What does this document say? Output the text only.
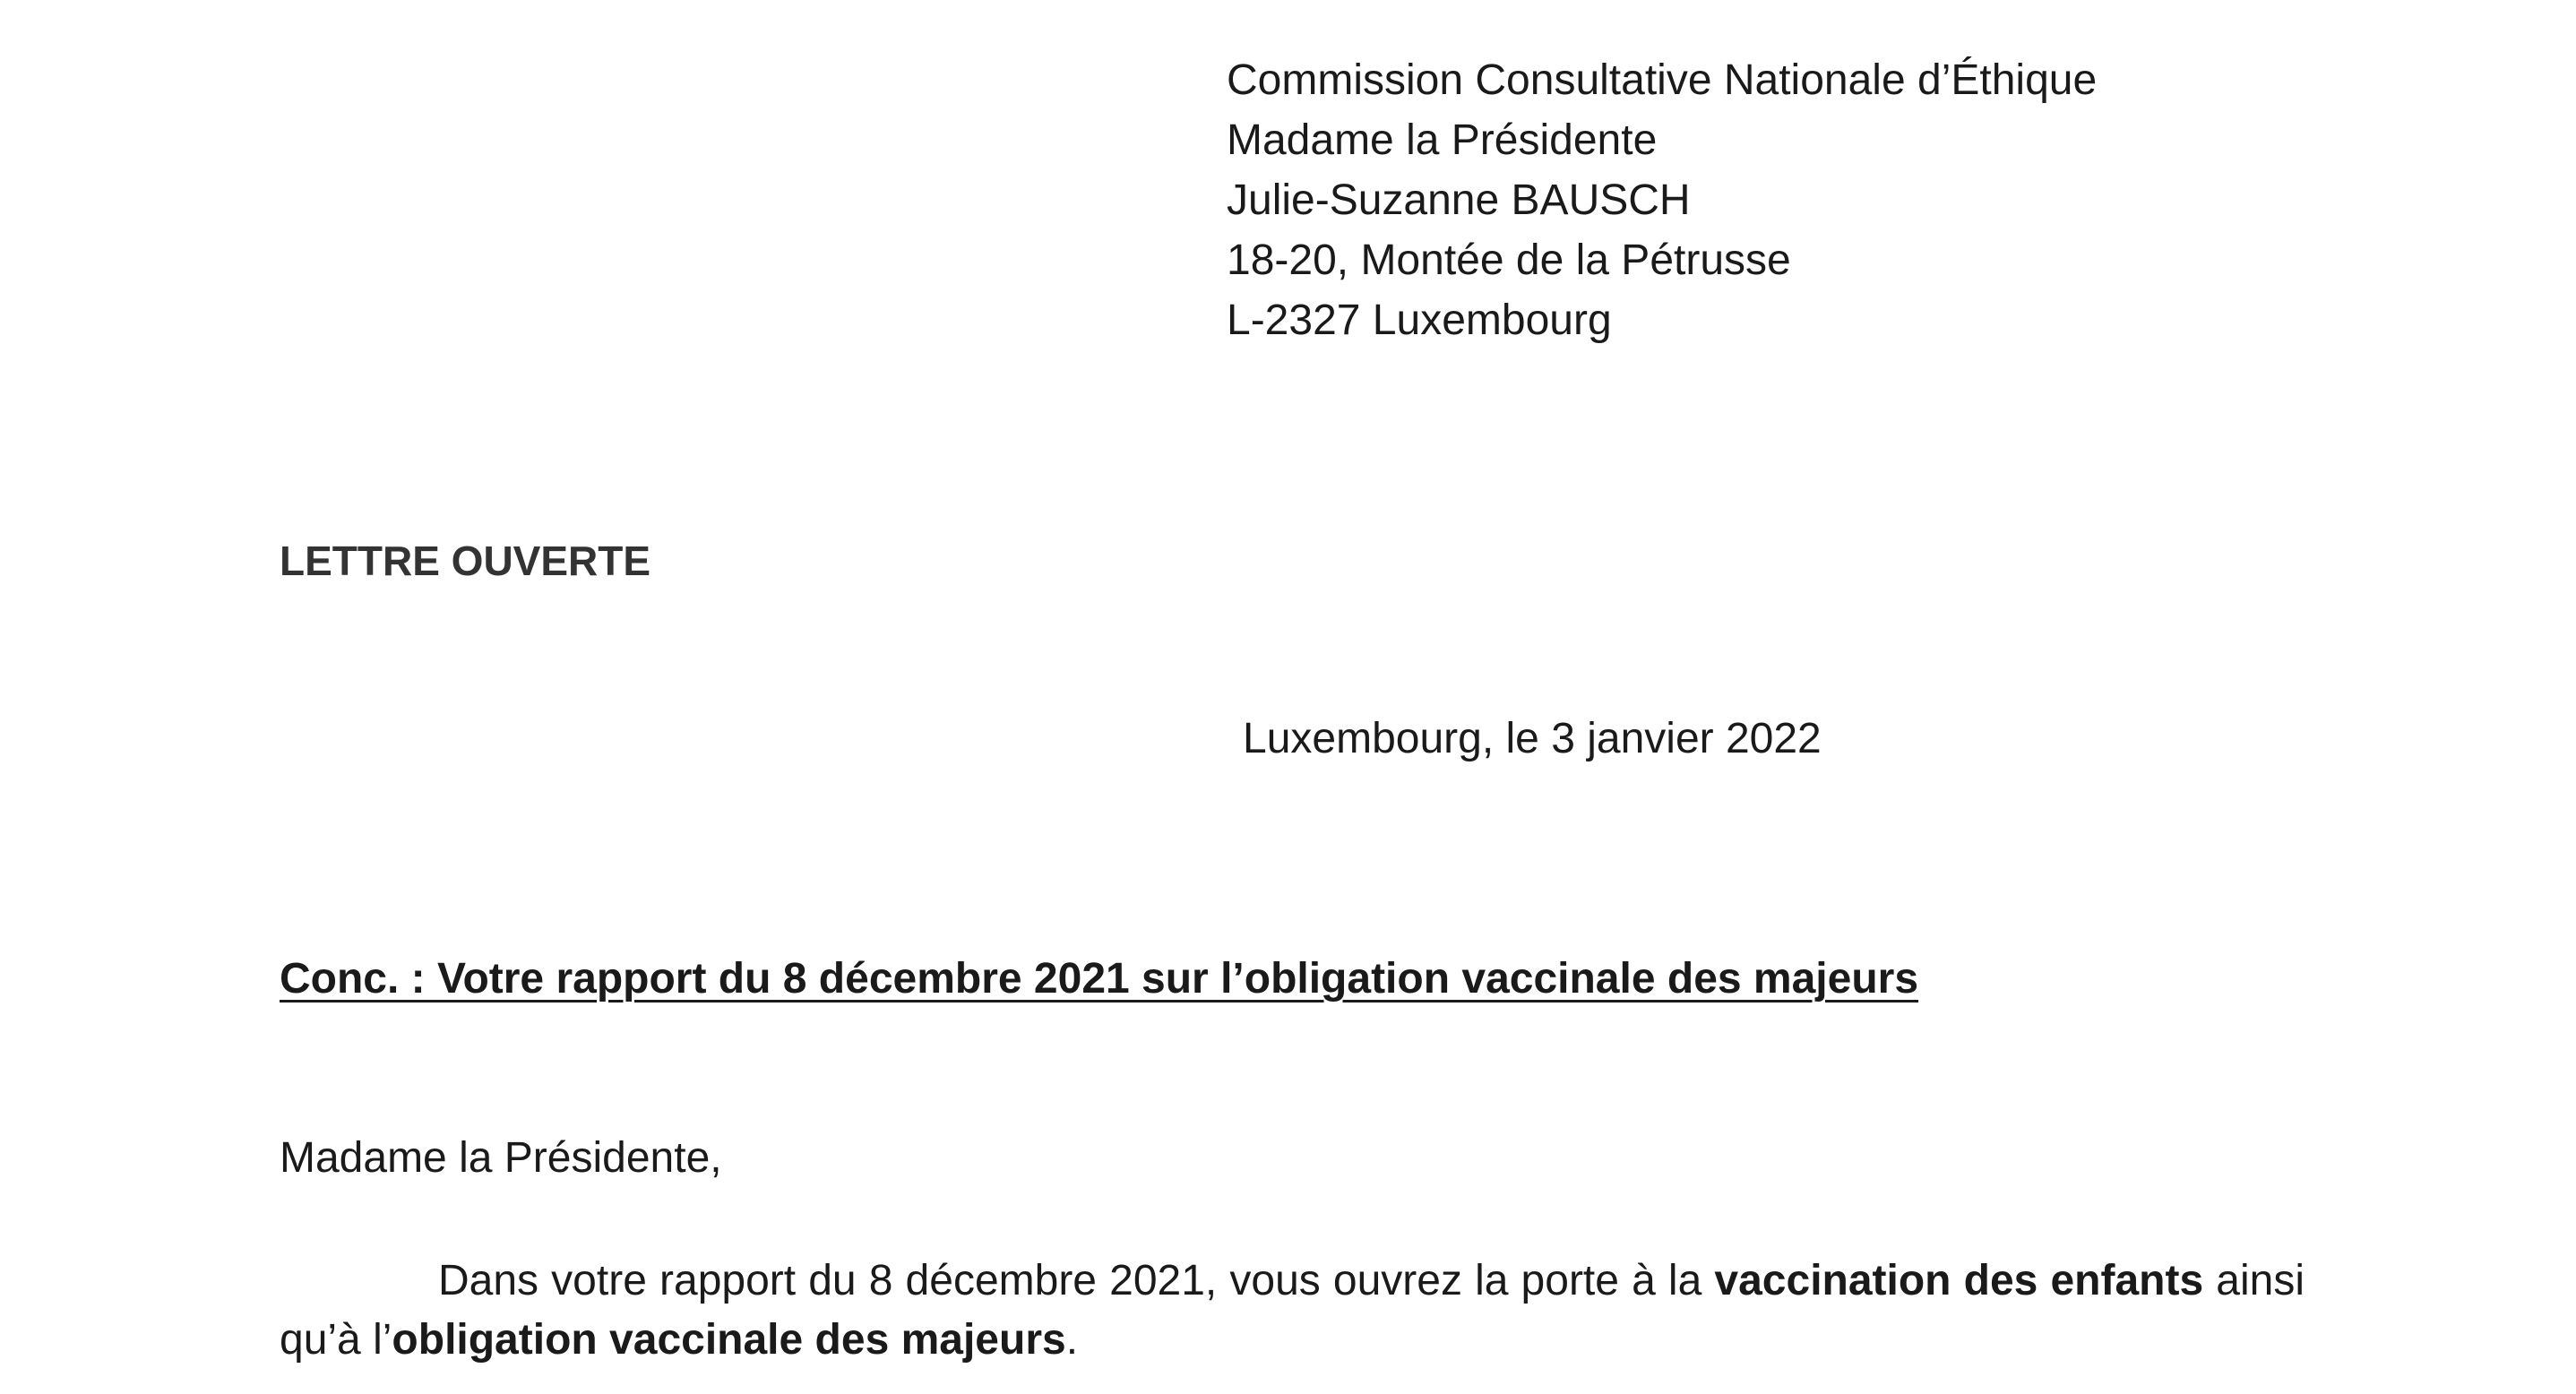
Commission Consultative Nationale d’Éthique
Madame la Présidente
Julie-Suzanne BAUSCH
18-20, Montée de la Pétrusse
L-2327 Luxembourg
LETTRE OUVERTE
Luxembourg, le 3 janvier 2022
Conc. : Votre rapport du 8 décembre 2021 sur l’obligation vaccinale des majeurs
Madame la Présidente,
Dans votre rapport du 8 décembre 2021, vous ouvrez la porte à la vaccination des enfants ainsi qu’à l’obligation vaccinale des majeurs.
